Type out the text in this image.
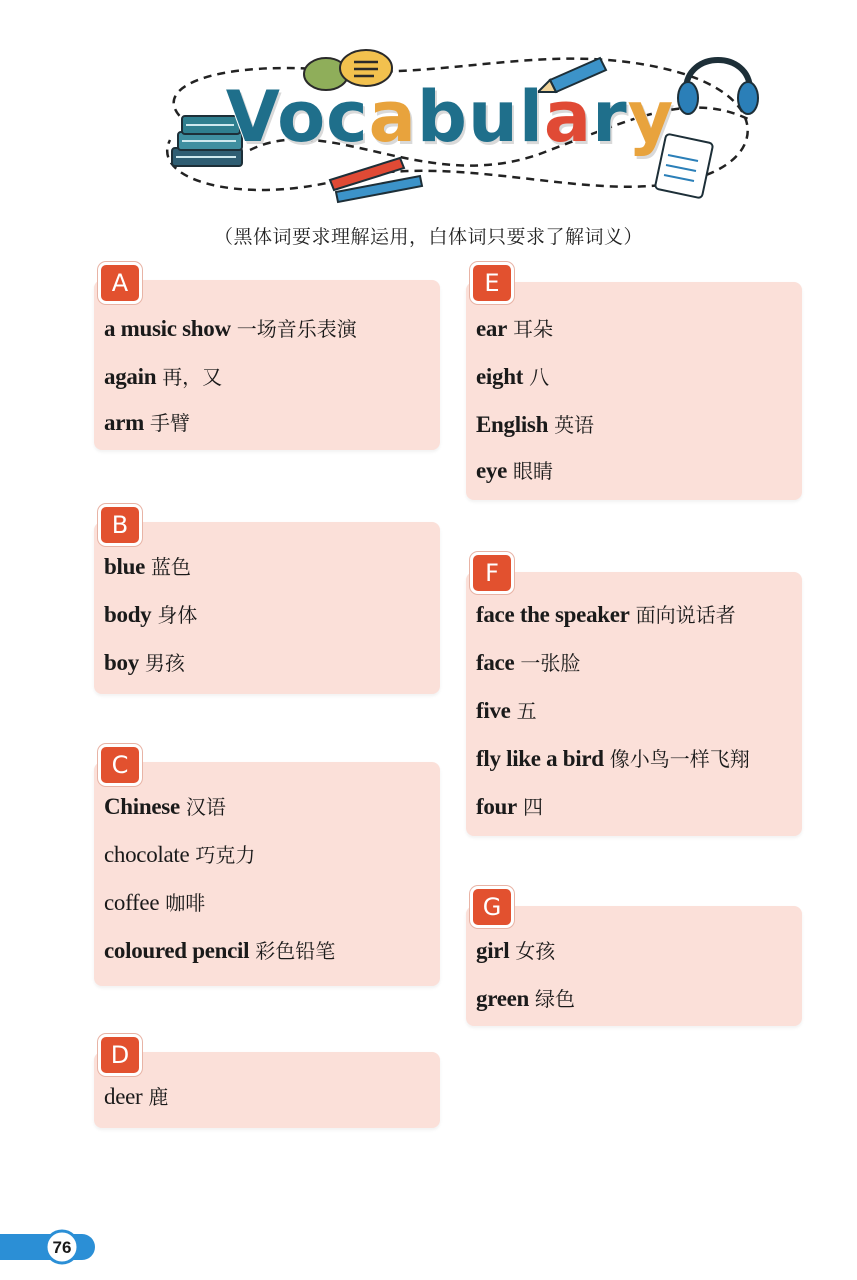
Vocabulary
（黑体词要求理解运用，白体词只要求了解词义）
A
a music show 一场音乐表演
again 再，又
arm 手臂
B
blue 蓝色
body 身体
boy 男孩
C
Chinese 汉语
chocolate 巧克力
coffee 咖啡
coloured pencil 彩色铅笔
D
deer 鹿
E
ear 耳朵
eight 八
English 英语
eye 眼睛
F
face the speaker 面向说话者
face 一张脸
five 五
fly like a bird 像小鸟一样飞翔
four 四
G
girl 女孩
green 绿色
76
